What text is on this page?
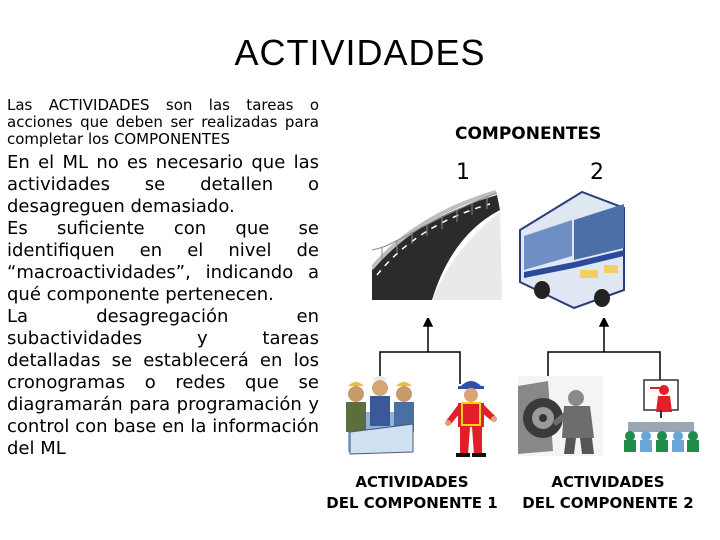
ACTIVIDADES

Las ACTIVIDADES son las tareas o acciones que deben ser realizadas para completar los COMPONENTES

En el ML no es necesario que las actividades se detallen o desagreguen demasiado.

Es suficiente con que se identifiquen en el nivel de “macroactividades”, indicando a qué componente pertenecen.

La desagregación en subactividades y tareas detalladas se establecerá en los cronogramas o redes que se diagramarán para programación y control con base en la información del ML

COMPONENTES
1	2
ACTIVIDADES
DEL COMPONENTE 1
ACTIVIDADES
DEL COMPONENTE 2
